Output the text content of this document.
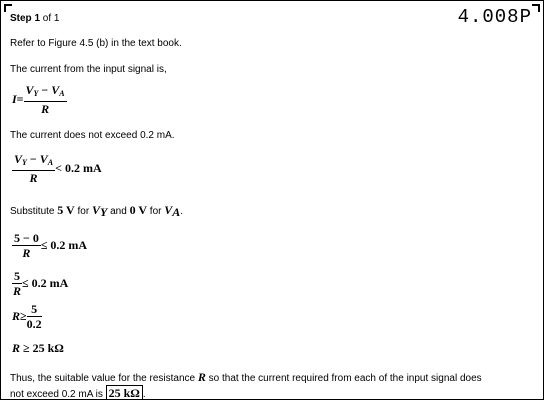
Step 1 of 1	4.008P
Refer to Figure 4.5 (b) in the text book.
The current from the input signal is,
$I= \frac{V_Y - V_A}{R}$
The current does not exceed 0.2 mA.
$\frac{V_Y - V_A}{R} < 0.2$ mA
Substitute 5 V for $V_Y$ and 0 V for $V_A$.
$\frac{5 - 0}{R} \le 0.2$ mA
$\frac{5}{R} \le 0.2$ mA
$R\ge \frac{5}{0.2}$
R ≥ 25 kΩ
Thus, the suitable value for the resistance R so that the current required from each of the input signal does
not exceed 0.2 mA is 25 kΩ .
